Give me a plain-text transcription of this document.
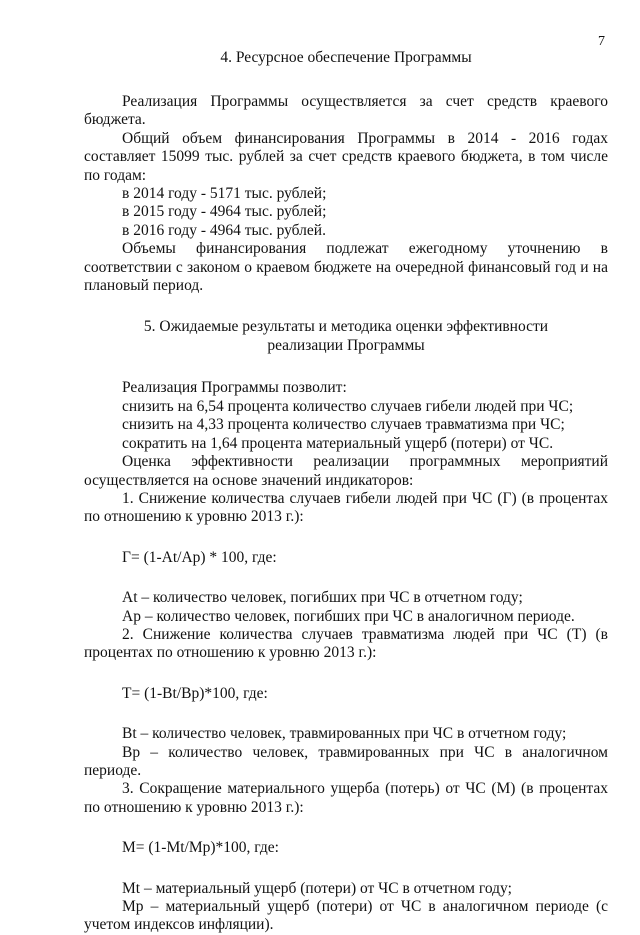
7
4. Ресурсное обеспечение Программы

Реализация Программы осуществляется за счет средств краевого бюджета.

Общий объем финансирования Программы в 2014 - 2016 годах составляет 15099 тыс. рублей за счет средств краевого бюджета, в том числе по годам:

в 2014 году - 5171 тыс. рублей;

в 2015 году - 4964 тыс. рублей;

в 2016 году - 4964 тыс. рублей.

Объемы финансирования подлежат ежегодному уточнению в соответствии с законом о краевом бюджете на очередной финансовый год и на плановый период.

5. Ожидаемые результаты и методика оценки эффективности
реализации Программы

Реализация Программы позволит:

снизить на 6,54 процента количество случаев гибели людей при ЧС;

снизить на 4,33 процента количество случаев травматизма при ЧС;

сократить на 1,64 процента материальный ущерб (потери) от ЧС.

Оценка эффективности реализации программных мероприятий осуществляется на основе значений индикаторов:

1. Снижение количества случаев гибели людей при ЧС (Г) (в процентах по отношению к уровню 2013 г.):

Г= (1-At/Ap) * 100, где:

At – количество человек, погибших при ЧС в отчетном году;

Ap – количество человек, погибших при ЧС в аналогичном периоде.

2. Снижение количества случаев травматизма людей при ЧС (Т) (в процентах по отношению к уровню 2013 г.):

Т= (1-Bt/Bp)*100, где:

Bt – количество человек, травмированных при ЧС в отчетном году;

Bp – количество человек, травмированных при ЧС в аналогичном периоде.

3. Сокращение материального ущерба (потерь) от ЧС (М) (в процентах по отношению к уровню 2013 г.):

М= (1-Mt/Mp)*100, где:

Mt – материальный ущерб (потери) от ЧС в отчетном году;

Mp – материальный ущерб (потери) от ЧС в аналогичном периоде (с учетом индексов инфляции).
